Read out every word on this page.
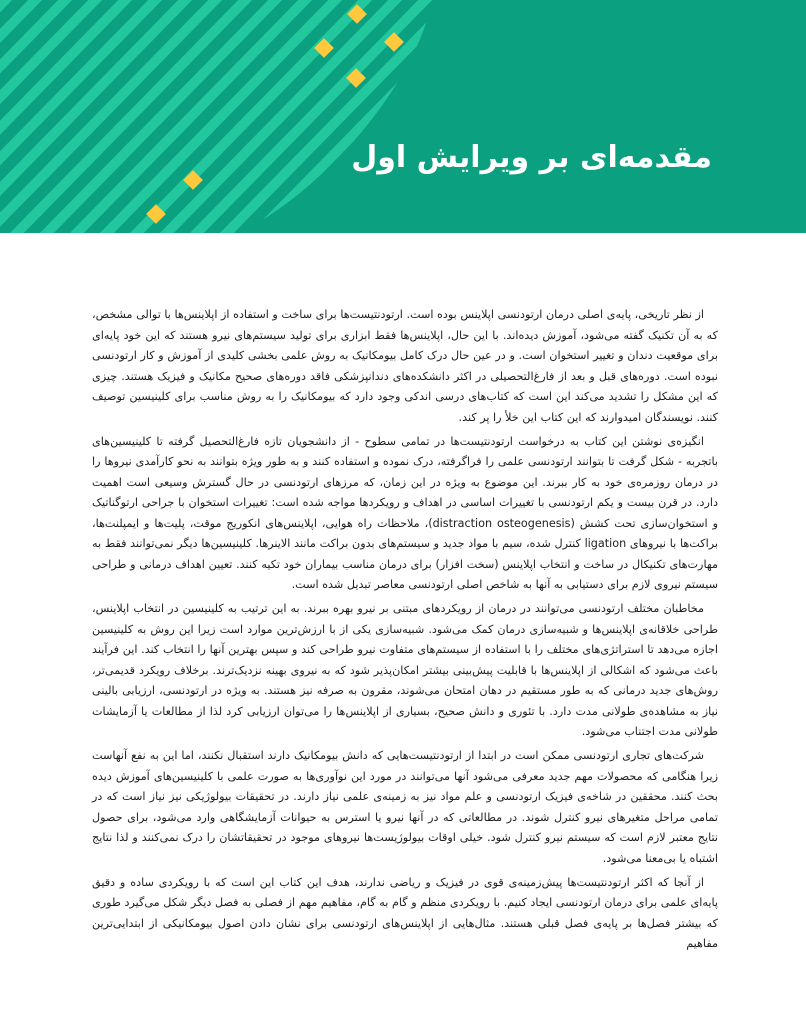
مقدمه‌ای بر ویرایش اول

از نظر تاریخی، پایه‌ی اصلی درمان ارتودنسی اپلاینس بوده است. ارتودنتیست‌ها برای ساخت و استفاده از اپلاینس‌ها با توالی مشخص، که به آن تکنیک گفته می‌شود، آموزش دیده‌اند. با این حال، اپلاینس‌ها فقط ابزاری برای تولید سیستم‌های نیرو هستند که این خود پایه‌ای برای موقعیت دندان و تغییر استخوان است. و در عین حال درک کامل بیومکانیک به روش علمی بخشی کلیدی از آموزش و کار ارتودنسی نبوده است. دوره‌های قبل و بعد از فارغ‌التحصیلی در اکثر دانشکده‌های دندانپزشکی فاقد دوره‌های صحیح مکانیک و فیزیک هستند. چیزی که این مشکل را تشدید می‌کند این است که کتاب‌های درسی اندکی وجود دارد که بیومکانیک را به روش مناسب برای کلینیسین توصیف کنند. نویسندگان امیدوارند که این کتاب این خلأ را پر کند.

انگیزه‌ی نوشتن این کتاب به درخواست ارتودنتیست‌ها در تمامی سطوح - از دانشجویان تازه فارغ‌التحصیل گرفته تا کلینیسین‌های باتجربه - شکل گرفت تا بتوانند ارتودنسی علمی را فراگرفته، درک نموده و استفاده کنند و به طور ویژه بتوانند به نحو کارآمدی نیروها را در درمان روزمره‌ی خود به کار ببرند. این موضوع به ویژه در این زمان، که مرزهای ارتودنسی در حال گسترش وسیعی است اهمیت دارد. در قرن بیست و یکم ارتودنسی با تغییرات اساسی در اهداف و رویکردها مواجه شده است: تغییرات استخوان با جراحی ارتوگناتیک و استخوان‌سازی تحت کشش (distraction osteogenesis)، ملاحظات راه هوایی، اپلاینس‌های انکوریج موقت، پلیت‌ها و ایمپلنت‌ها، براکت‌ها با نیروهای ligation کنترل شده، سیم با مواد جدید و سیستم‌های بدون براکت مانند الاینرها. کلینیسین‌ها دیگر نمی‌توانند فقط به مهارت‌های تکنیکال در ساخت و انتخاب اپلاینس (سخت افزار) برای درمان مناسب بیماران خود تکیه کنند. تعیین اهداف درمانی و طراحی سیستم نیروی لازم برای دستیابی به آنها به شاخص اصلی ارتودنسی معاصر تبدیل شده است.

مخاطبان مختلف ارتودنسی می‌توانند در درمان از رویکردهای مبتنی بر نیرو بهره ببرند. به این ترتیب به کلینیسین در انتخاب اپلاینس، طراحی خلاقانه‌ی اپلاینس‌ها و شبیه‌سازی درمان کمک می‌شود. شبیه‌سازی یکی از با ارزش‌ترین موارد است زیرا این روش به کلینیسین اجازه می‌دهد تا استراتژی‌های مختلف را با استفاده از سیستم‌های متفاوت نیرو طراحی کند و سپس بهترین آنها را انتخاب کند. این فرآیند باعث می‌شود که اشکالی از اپلاینس‌ها با قابلیت پیش‌بینی بیشتر امکان‌پذیر شود که به نیروی بهینه نزدیک‌ترند. برخلاف رویکرد قدیمی‌تر، روش‌های جدید درمانی که به طور مستقیم در دهان امتحان می‌شوند، مقرون به صرفه نیز هستند. به ویژه در ارتودنسی، ارزیابی بالینی نیاز به مشاهده‌ی طولانی مدت دارد. با تئوری و دانش صحیح، بسیاری از اپلاینس‌ها را می‌توان ارزیابی کرد لذا از مطالعات یا آزمایشات طولانی مدت اجتناب می‌شود.

شرکت‌های تجاری ارتودنسی ممکن است در ابتدا از ارتودنتیست‌هایی که دانش بیومکانیک دارند استقبال نکنند، اما این به نفع آنهاست زیرا هنگامی که محصولات مهم جدید معرفی می‌شود آنها می‌توانند در مورد این نوآوری‌ها به صورت علمی با کلینیسین‌های آموزش دیده بحث کنند. محققین در شاخه‌ی فیزیک ارتودنسی و علم مواد نیز به زمینه‌ی علمی نیاز دارند. در تحقیقات بیولوژیکی نیز نیاز است که در تمامی مراحل متغیرهای نیرو کنترل شوند. در مطالعاتی که در آنها نیرو یا استرس به حیوانات آزمایشگاهی وارد می‌شود، برای حصول نتایج معتبر لازم است که سیستم نیرو کنترل شود. خیلی اوقات بیولوژیست‌ها نیروهای موجود در تحقیقاتشان را درک نمی‌کنند و لذا نتایج اشتباه یا بی‌معنا می‌شود.

از آنجا که اکثر ارتودنتیست‌ها پیش‌زمینه‌ی قوی در فیزیک و ریاضی ندارند، هدف این کتاب این است که با رویکردی ساده و دقیق پایه‌ای علمی برای درمان ارتودنسی ایجاد کنیم. با رویکردی منظم و گام به گام، مفاهیم مهم از فصلی به فصل دیگر شکل می‌گیرد طوری که بیشتر فصل‌ها بر پایه‌ی فصل قبلی هستند. مثال‌هایی از اپلاینس‌های ارتودنسی برای نشان دادن اصول بیومکانیکی از ابتدایی‌ترین مفاهیم
